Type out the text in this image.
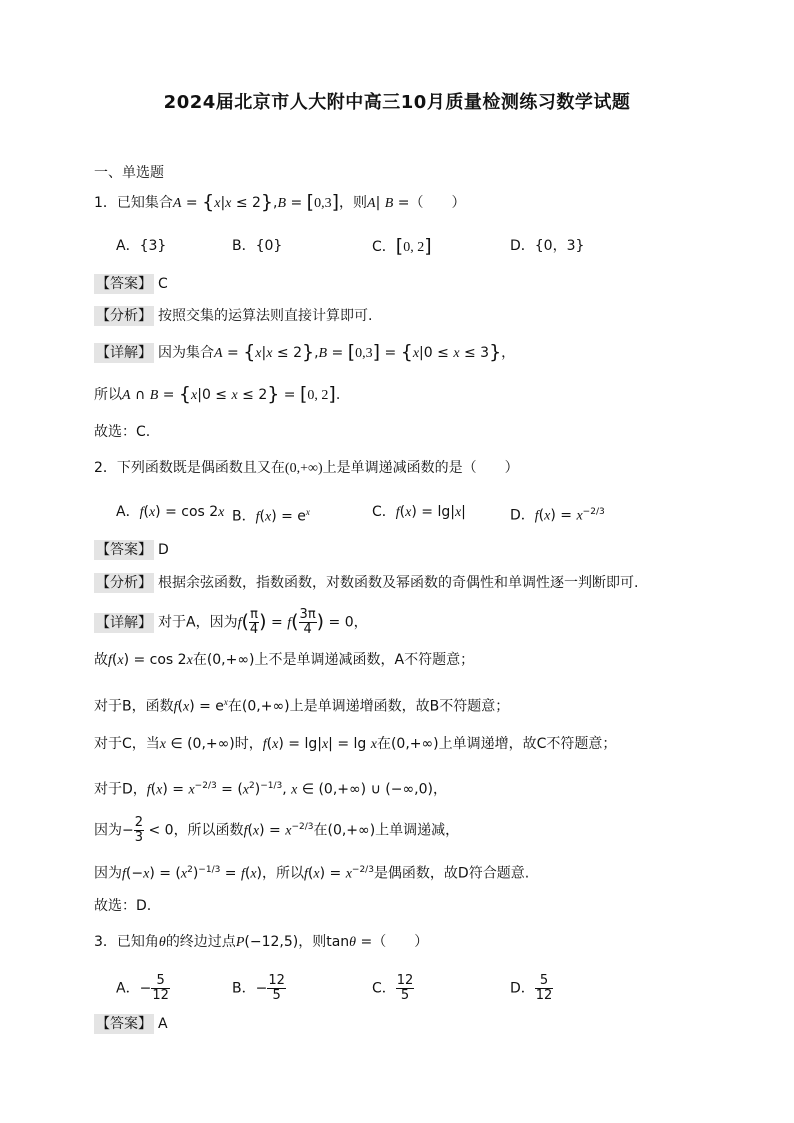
2024届北京市人大附中高三10月质量检测练习数学试题
一、单选题
1．已知集合A = {x|x ≤ 2},B = [0,3]，则A| B =（　　）
A．{3}	B．{0}	C．[0, 2]	D．{0，3}
【答案】 C
【分析】 按照交集的运算法则直接计算即可.
【详解】 因为集合A = {x|x ≤ 2},B = [0,3] = {x|0 ≤ x ≤ 3}，
所以A ∩ B = {x|0 ≤ x ≤ 2} = [0, 2].
故选：C.
2．下列函数既是偶函数且又在(0,+∞)上是单调递减函数的是（　　）
A．f(x) = cos 2x B．$f(x) = e^x$	C．f(x) = lg|x|	D．$f(x) = x^{-2/3}$
【答案】 D
【分析】 根据余弦函数，指数函数，对数函数及幂函数的奇偶性和单调性逐一判断即可.
【详解】 对于A，因为$f( \frac{\pi}{4}$ ) = $f( \frac{3\pi}{4}$ ) = 0，
故f(x) = cos 2x在(0,+∞)上不是单调递减函数，A不符题意；
对于B，函数$f(x) = e^x$在(0,+∞)上是单调递增函数，故B不符题意；
对于C，当x ∈ (0,+∞)时，f(x) = lg|x| = lg x在(0,+∞)上单调递增，故C不符题意；
对于D，$f(x) = x^{-2/3} = (x^2)^{-1/3}$, x ∈ (0,+∞) ∪ (−∞,0)，
因为− $\frac{2}{3} < 0$，所以函数$f(x) = x^{-2/3}$在(0,+∞)上单调递减，
因为$f(-x) = (x^2)^{-1/3} = f(x)$，所以$f(x) = x^{-2/3}$是偶函数，故D符合题意.
故选：D.
3．已知角θ的终边过点P(−12,5)，则tanθ =（　　）
A．− $\frac{5}{12}$	B．− $\frac{12}{5}$	C． $\frac{12}{5}$	D． $\frac{5}{12}$
【答案】 A
